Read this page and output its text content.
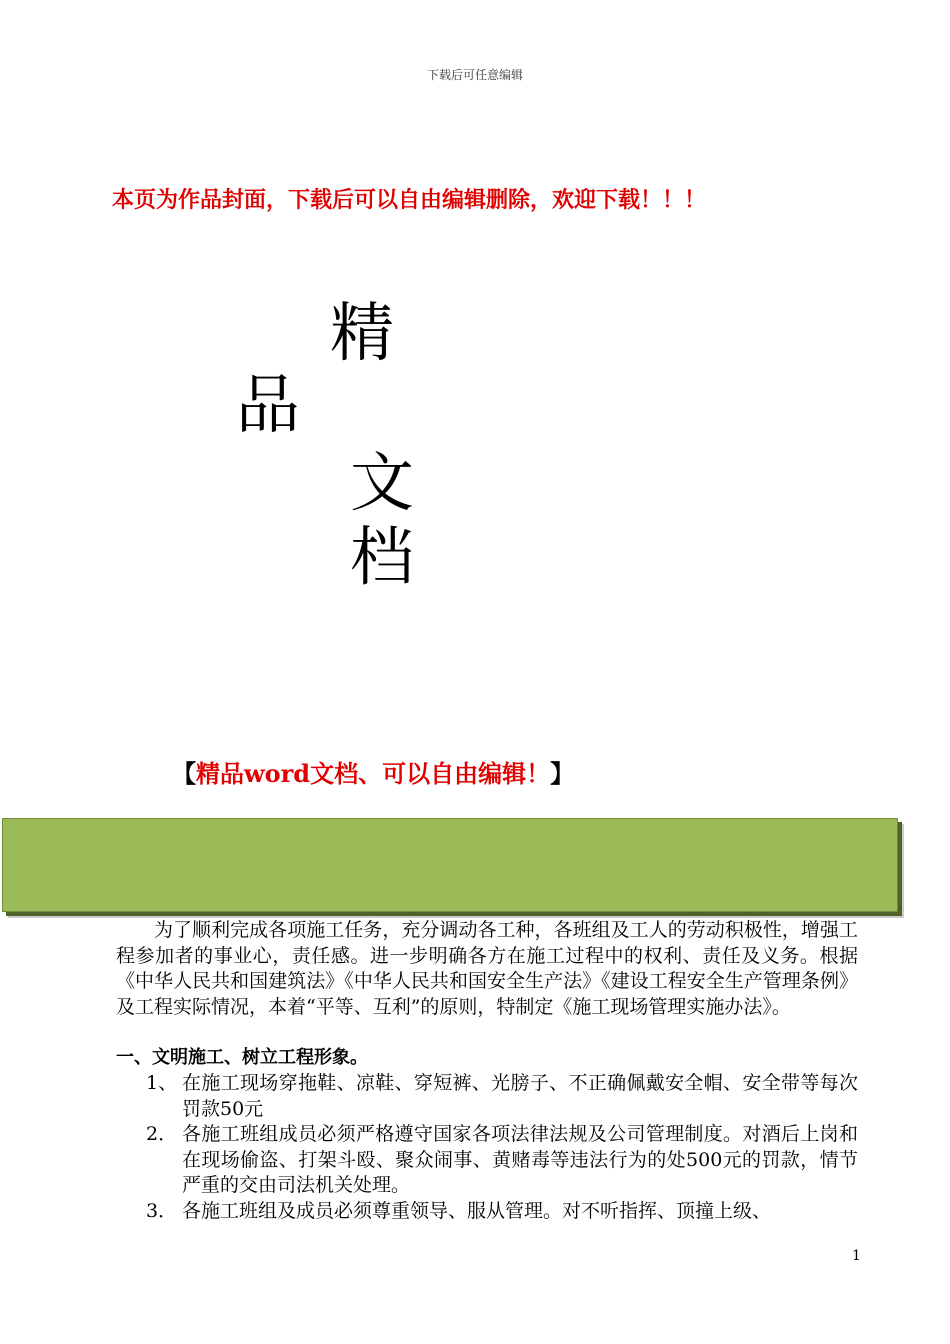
下载后可任意编辑
本页为作品封面，下载后可以自由编辑删除，欢迎下载！！！
精
品
文
档
【精品word文档、可以自由编辑！】

为了顺利完成各项施工任务，充分调动各工种，各班组及工人的劳动积极性，增强工程参加者的事业心，责任感。进一步明确各方在施工过程中的权利、责任及义务。根据《中华人民共和国建筑法》《中华人民共和国安全生产法》《建设工程安全生产管理条例》及工程实际情况，本着“平等、互利”的原则，特制定《施工现场管理实施办法》。

一、文明施工、树立工程形象。
1、 在施工现场穿拖鞋、凉鞋、穿短裤、光膀子、不正确佩戴安全帽、安全带等每次罚款50元
2． 各施工班组成员必须严格遵守国家各项法律法规及公司管理制度。对酒后上岗和在现场偷盗、打架斗殴、聚众闹事、黄赌毒等违法行为的处500元的罚款，情节严重的交由司法机关处理。
3． 各施工班组及成员必须尊重领导、服从管理。对不听指挥、顶撞上级、
1
